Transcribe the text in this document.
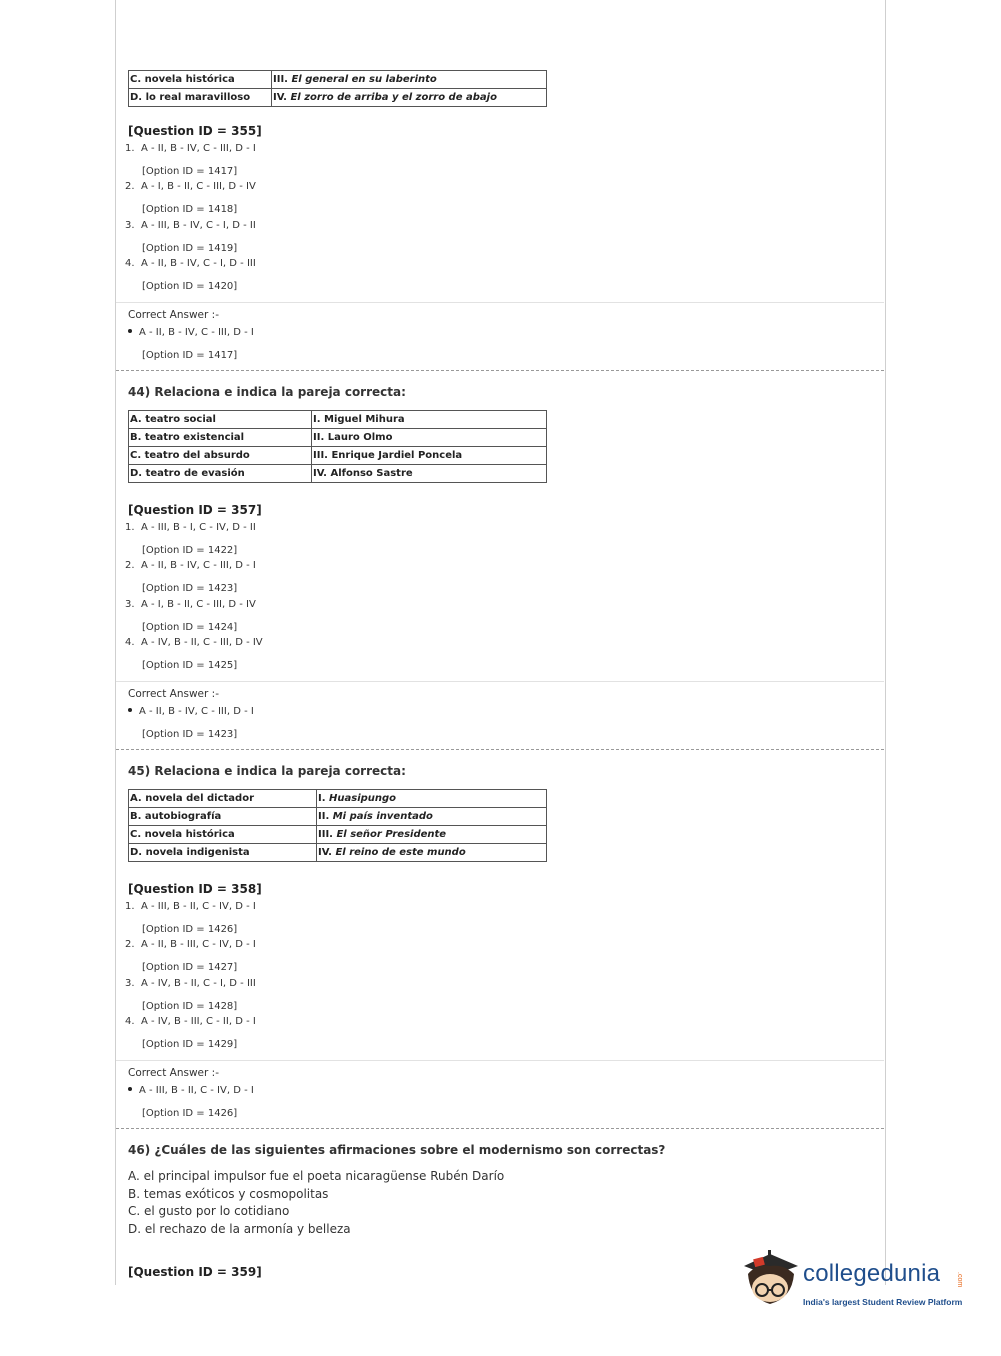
C. novela histórica	III. El general en su laberinto
D. lo real maravilloso	IV. El zorro de arriba y el zorro de abajo
[Question ID = 355]
1. A - II, B - IV, C - III, D - I
[Option ID = 1417]
2. A - I, B - II, C - III, D - IV
[Option ID = 1418]
3. A - III, B - IV, C - I, D - II
[Option ID = 1419]
4. A - II, B - IV, C - I, D - III
[Option ID = 1420]
Correct Answer :-
A - II, B - IV, C - III, D - I
[Option ID = 1417]
44) Relaciona e indica la pareja correcta:
A. teatro social	I. Miguel Mihura
B. teatro existencial	II. Lauro Olmo
C. teatro del absurdo	III. Enrique Jardiel Poncela
D. teatro de evasión	IV. Alfonso Sastre
[Question ID = 357]
1. A - III, B - I, C - IV, D - II
[Option ID = 1422]
2. A - II, B - IV, C - III, D - I
[Option ID = 1423]
3. A - I, B - II, C - III, D - IV
[Option ID = 1424]
4. A - IV, B - II, C - III, D - IV
[Option ID = 1425]
Correct Answer :-
A - II, B - IV, C - III, D - I
[Option ID = 1423]
45) Relaciona e indica la pareja correcta:
A. novela del dictador	I. Huasipungo
B. autobiografía	II. Mi país inventado
C. novela histórica	III. El señor Presidente
D. novela indigenista	IV. El reino de este mundo
[Question ID = 358]
1. A - III, B - II, C - IV, D - I
[Option ID = 1426]
2. A - II, B - III, C - IV, D - I
[Option ID = 1427]
3. A - IV, B - II, C - I, D - III
[Option ID = 1428]
4. A - IV, B - III, C - II, D - I
[Option ID = 1429]
Correct Answer :-
A - III, B - II, C - IV, D - I
[Option ID = 1426]
46) ¿Cuáles de las siguientes afirmaciones sobre el modernismo son correctas?
A. el principal impulsor fue el poeta nicaragüense Rubén Darío
B. temas exóticos y cosmopolitas
C. el gusto por lo cotidiano
D. el rechazo de la armonía y belleza
[Question ID = 359]	collegedunia .com
India's largest Student Review Platform
